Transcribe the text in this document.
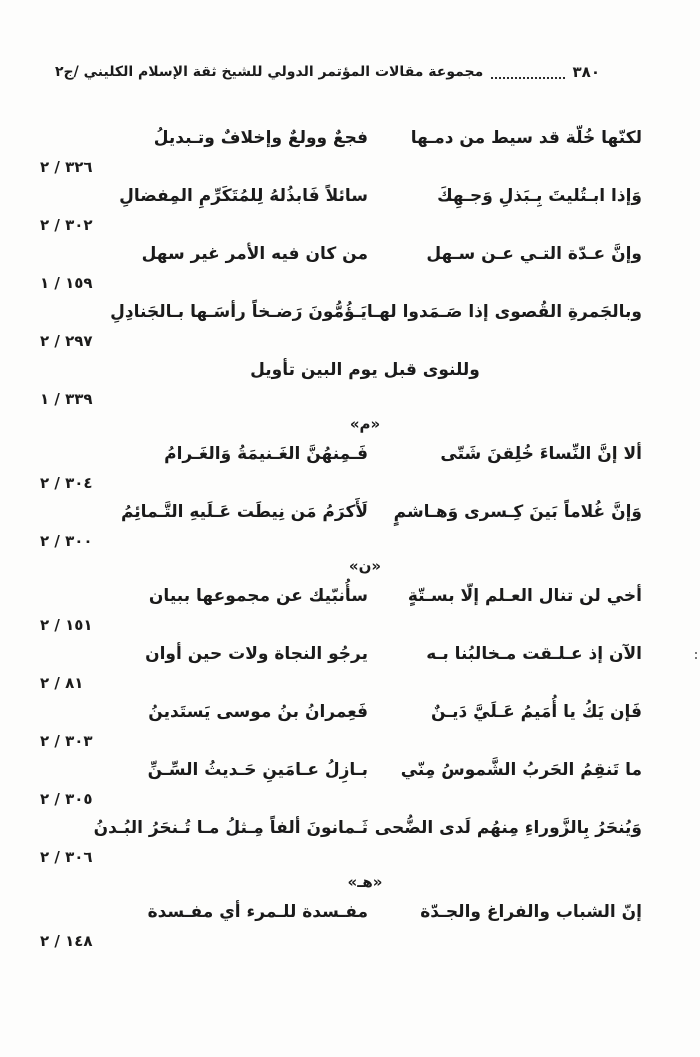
مجموعة مقالات المؤتمر الدولي للشيخ ثقة الإسلام الكليني /ج٢	٣٨٠
لكنّها خُلّة قد سيط من دمـها
فجعٌ وولعٌ وإخلافٌ وتـبديلُ
٣٢٦ / ٢
وَإذا ابـتُليتَ بِـبَذلِ وَجـهِكَ
سائلاً فَابذُلهُ لِلمُتَكَرِّمِ المِفضالِ
٣٠٢ / ٢
وإنَّ عـدّة التـي عـن سـهل
من كان فيه الأمر غير سهل
١٥٩ / ١
وبالجَمرةِ القُصوى إذا صَـمَدوا لهـا
يَـؤُمُّونَ رَضـخاً رأسَـها بـالجَنادِلِ
٢٩٧ / ٢
وللنوى قبل يوم البين تأويل
٣٣٩ / ١
«م»
ألا إنَّ النِّساءَ خُلِقنَ شَتّى
فَـمِنهُنَّ الغَـنيمَةُ وَالغَـرامُ
٣٠٤ / ٢
وَإنَّ غُلاماً بَينَ كِـسرى وَهـاشمٍ
لَأَكرَمُ مَن نِيطَت عَـلَيهِ التَّـمائِمُ
٣٠٠ / ٢
«ن»
أخي لن تنال العـلم إلّا بسـتّةٍ
سأُنبّيك عن مجموعها ببيان
١٥١ / ٢
الآن إذ عـلـقت مـخالبُنا بـه
يرجُو النجاة ولات حين أوان
٨١ / ٢
فَإن يَكُ يا أُمَيمُ عَـلَيَّ دَيـنٌ
فَعِمرانُ بنُ موسى يَستَدينُ
٣٠٣ / ٢
ما تَنقِمُ الحَربُ الشَّموسُ مِنّي
بـازِلُ عـامَينِ حَـديثُ السِّـنِّ
٣٠٥ / ٢
وَيُنحَرُ بِالزَّوراءِ مِنهُم لَدى الضُّحى
ثَـمانونَ ألفاً مِـثلُ مـا تُـنحَرُ البُـدنُ
٣٠٦ / ٢
«هـ»
إنّ الشباب والفراغ والجـدّة
مفـسدة للـمرء أي مفـسدة
١٤٨ / ٢
